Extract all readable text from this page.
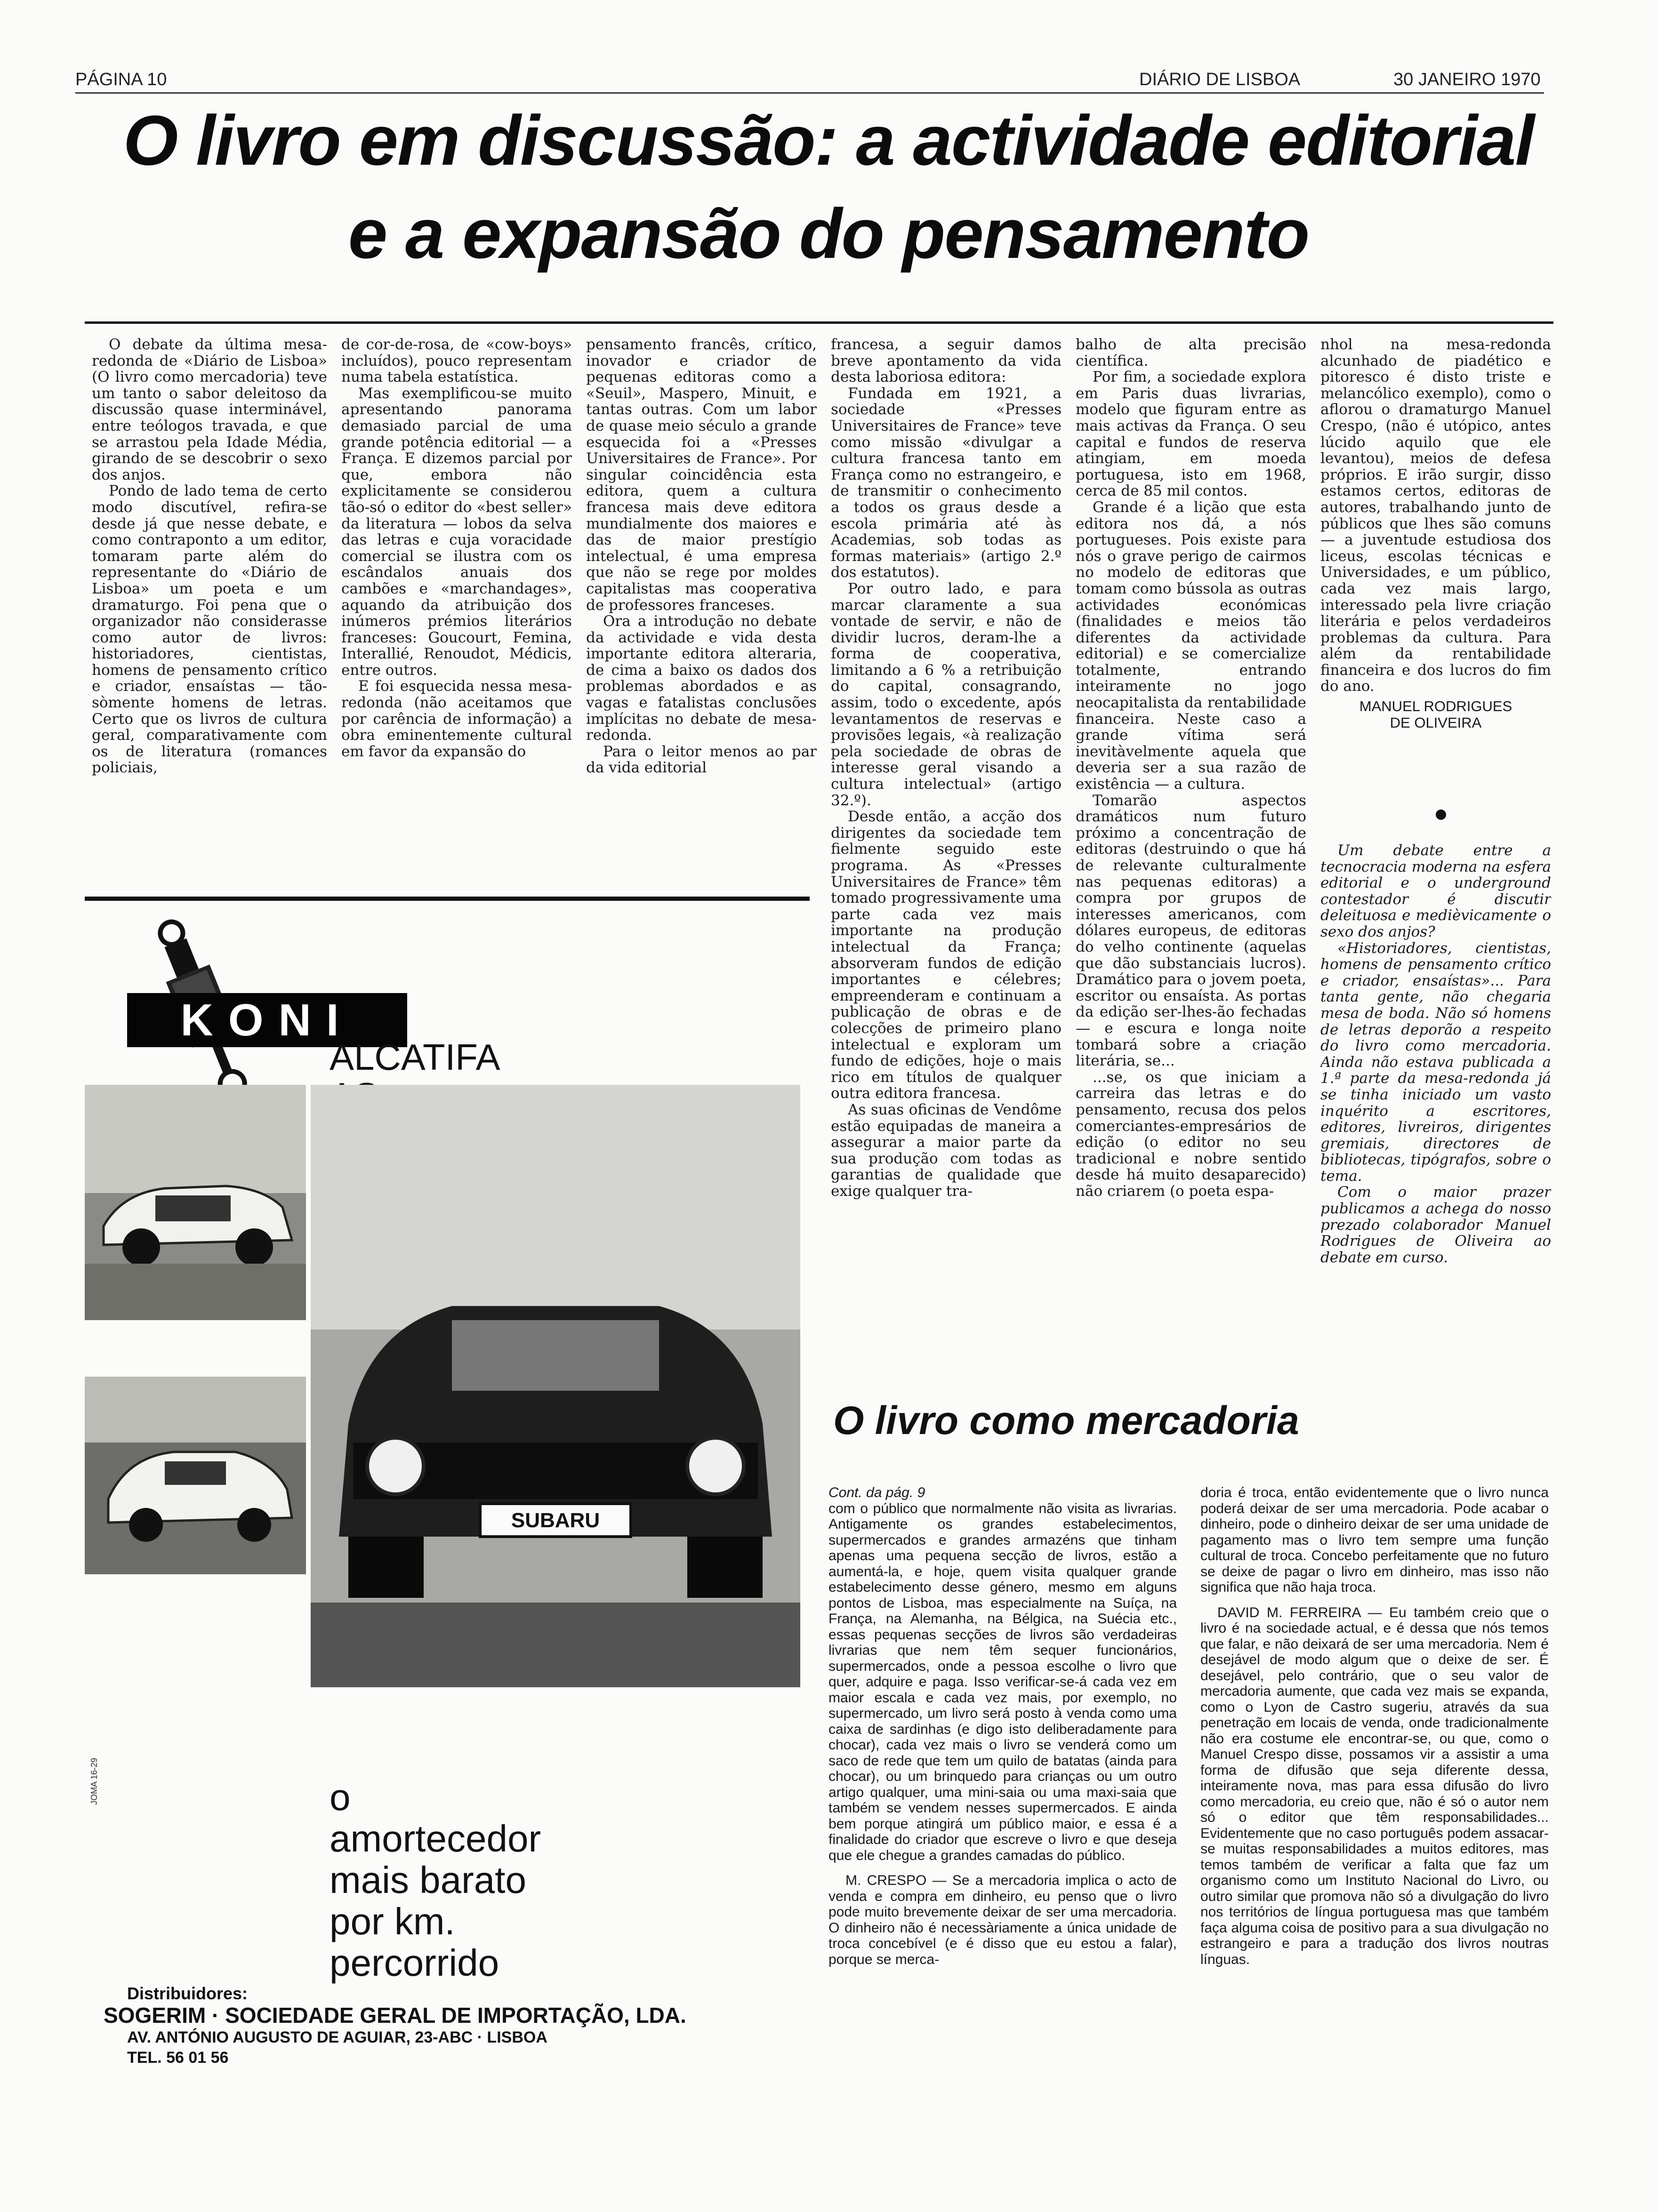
PÁGINA 10	DIÁRIO DE LISBOA	30 JANEIRO 1970
O livro em discussão: a actividade editorial
e a expansão do pensamento

O debate da última mesa-redonda de «Diário de Lisboa» (O livro como mercadoria) teve um tanto o sabor deleitoso da discussão quase interminável, entre teólogos travada, e que se arrastou pela Idade Média, girando de se descobrir o sexo dos anjos.

Pondo de lado tema de certo modo discutível, refira-se desde já que nesse debate, e como contraponto a um editor, tomaram parte além do representante do «Diário de Lisboa» um poeta e um dramaturgo. Foi pena que o organizador não considerasse como autor de livros: historiadores, cientistas, homens de pensamento crítico e criador, ensaístas — tão-sòmente homens de letras. Certo que os livros de cultura geral, comparativamente com os de literatura (romances policiais,

de cor-de-rosa, de «cow-boys» incluídos), pouco representam numa tabela estatística.

Mas exemplificou-se muito apresentando panorama demasiado parcial de uma grande potência editorial — a França. E dizemos parcial por que, embora não explicitamente se considerou tão-só o editor do «best seller» da literatura — lobos da selva das letras e cuja voracidade comercial se ilustra com os escândalos anuais dos cambões e «marchandages», aquando da atribuição dos inúmeros prémios literários franceses: Goucourt, Femina, Interallié, Renoudot, Médicis, entre outros.

E foi esquecida nessa mesa-redonda (não aceitamos que por carência de informação) a obra eminentemente cultural em favor da expansão do

pensamento francês, crítico, inovador e criador de pequenas editoras como a «Seuil», Maspero, Minuit, e tantas outras. Com um labor de quase meio século a grande esquecida foi a «Presses Universitaires de France». Por singular coincidência esta editora, quem a cultura francesa mais deve editora mundialmente dos maiores e das de maior prestígio intelectual, é uma empresa que não se rege por moldes capitalistas mas cooperativa de professores franceses.

Ora a introdução no debate da actividade e vida desta importante editora alteraria, de cima a baixo os dados dos problemas abordados e as vagas e fatalistas conclusões implícitas no debate de mesa-redonda.

Para o leitor menos ao par da vida editorial

francesa, a seguir damos breve apontamento da vida desta laboriosa editora:

Fundada em 1921, a sociedade «Presses Universitaires de France» teve como missão «divulgar a cultura francesa tanto em França como no estrangeiro, e de transmitir o conhecimento a todos os graus desde a escola primária até às Academias, sob todas as formas materiais» (artigo 2.º dos estatutos).

Por outro lado, e para marcar claramente a sua vontade de servir, e não de dividir lucros, deram-lhe a forma de cooperativa, limitando a 6 % a retribuição do capital, consagrando, assim, todo o excedente, após levantamentos de reservas e provisões legais, «à realização pela sociedade de obras de interesse geral visando a cultura intelectual» (artigo 32.º).

Desde então, a acção dos dirigentes da sociedade tem fielmente seguido este programa. As «Presses Universitaires de France» têm tomado progressivamente uma parte cada vez mais importante na produção intelectual da França; absorveram fundos de edição importantes e célebres; empreenderam e continuam a publicação de obras e de colecções de primeiro plano intelectual e exploram um fundo de edições, hoje o mais rico em títulos de qualquer outra editora francesa.

As suas oficinas de Vendôme estão equipadas de maneira a assegurar a maior parte da sua produção com todas as garantias de qualidade que exige qualquer tra-

balho de alta precisão científica.

Por fim, a sociedade explora em Paris duas livrarias, modelo que figuram entre as mais activas da França. O seu capital e fundos de reserva atingiam, em moeda portuguesa, isto em 1968, cerca de 85 mil contos.

Grande é a lição que esta editora nos dá, a nós portugueses. Pois existe para nós o grave perigo de cairmos no modelo de editoras que tomam como bússola as outras actividades económicas (finalidades e meios tão diferentes da actividade editorial) e se comercialize totalmente, entrando inteiramente no jogo neocapitalista da rentabilidade financeira. Neste caso a grande vítima será inevitàvelmente aquela que deveria ser a sua razão de existência — a cultura.

Tomarão aspectos dramáticos num futuro próximo a concentração de editoras (destruindo o que há de relevante culturalmente nas pequenas editoras) a compra por grupos de interesses americanos, com dólares europeus, de editoras do velho continente (aquelas que dão substanciais lucros). Dramático para o jovem poeta, escritor ou ensaísta. As portas da edição ser-lhes-ão fechadas — e escura e longa noite tombará sobre a criação literária, se...

...se, os que iniciam a carreira das letras e do pensamento, recusa dos pelos comerciantes-empresários de edição (o editor no seu tradicional e nobre sentido desde há muito desaparecido) não criarem (o poeta espa-

nhol na mesa-redonda alcunhado de piadético e pitoresco é disto triste e melancólico exemplo), como o aflorou o dramaturgo Manuel Crespo, (não é utópico, antes lúcido aquilo que ele levantou), meios de defesa próprios. E irão surgir, disso estamos certos, editoras de autores, trabalhando junto de públicos que lhes são comuns — a juventude estudiosa dos liceus, escolas técnicas e Universidades, e um público, cada vez mais largo, interessado pela livre criação literária e pelos verdadeiros problemas da cultura. Para além da rentabilidade financeira e dos lucros do fim do ano.

MANUEL RODRIGUES

DE OLIVEIRA

Um debate entre a tecnocracia moderna na esfera editorial e o underground contestador é discutir deleituosa e medièvicamente o sexo dos anjos?

«Historiadores, cientistas, homens de pensamento crítico e criador, ensaístas»... Para tanta gente, não chegaria mesa de boda. Não só homens de letras deporão a respeito do livro como mercadoria. Ainda não estava publicada a 1.ª parte da mesa-redonda já se tinha iniciado um vasto inquérito a escritores, editores, livreiros, dirigentes gremiais, directores de bibliotecas, tipógrafos, sobre o tema.

Com o maior prazer publicamos a achega do nosso prezado colaborador Manuel Rodrigues de Oliveira ao debate em curso.

KONI
ALCATIFA
SUBARU
o
amortecedor
mais barato
por km.
percorrido
JOMA 16-29
Distribuidores:
SOGERIM · SOCIEDADE GERAL DE IMPORTAÇÃO, LDA.
AV. ANTÓNIO AUGUSTO DE AGUIAR, 23-ABC · LISBOA
TEL. 56 01 56
O livro como mercadoria

Cont. da pág. 9

com o público que normalmente não visita as livrarias. Antigamente os grandes estabelecimentos, supermercados e grandes armazéns que tinham apenas uma pequena secção de livros, estão a aumentá-la, e hoje, quem visita qualquer grande estabelecimento desse género, mesmo em alguns pontos de Lisboa, mas especialmente na Suíça, na França, na Alemanha, na Bélgica, na Suécia etc., essas pequenas secções de livros são verdadeiras livrarias que nem têm sequer funcionários, supermercados, onde a pessoa escolhe o livro que quer, adquire e paga. Isso verificar-se-á cada vez em maior escala e cada vez mais, por exemplo, no supermercado, um livro será posto à venda como uma caixa de sardinhas (e digo isto deliberadamente para chocar), cada vez mais o livro se venderá como um saco de rede que tem um quilo de batatas (ainda para chocar), ou um brinquedo para crianças ou um outro artigo qualquer, uma mini-saia ou uma maxi-saia que também se vendem nesses supermercados. E ainda bem porque atingirá um público maior, e essa é a finalidade do criador que escreve o livro e que deseja que ele chegue a grandes camadas do público.

M. CRESPO — Se a mercadoria implica o acto de venda e compra em dinheiro, eu penso que o livro pode muito brevemente deixar de ser uma mercadoria. O dinheiro não é necessàriamente a única unidade de troca concebível (e é disso que eu estou a falar), porque se merca-

doria é troca, então evidentemente que o livro nunca poderá deixar de ser uma mercadoria. Pode acabar o dinheiro, pode o dinheiro deixar de ser uma unidade de pagamento mas o livro tem sempre uma função cultural de troca. Concebo perfeitamente que no futuro se deixe de pagar o livro em dinheiro, mas isso não significa que não haja troca.

DAVID M. FERREIRA — Eu também creio que o livro é na sociedade actual, e é dessa que nós temos que falar, e não deixará de ser uma mercadoria. Nem é desejável de modo algum que o deixe de ser. É desejável, pelo contrário, que o seu valor de mercadoria aumente, que cada vez mais se expanda, como o Lyon de Castro sugeriu, através da sua penetração em locais de venda, onde tradicionalmente não era costume ele encontrar-se, ou que, como o Manuel Crespo disse, possamos vir a assistir a uma forma de difusão que seja diferente dessa, inteiramente nova, mas para essa difusão do livro como mercadoria, eu creio que, não é só o autor nem só o editor que têm responsabilidades... Evidentemente que no caso português podem assacar-se muitas responsabilidades a muitos editores, mas temos também de verificar a falta que faz um organismo como um Instituto Nacional do Livro, ou outro similar que promova não só a divulgação do livro nos territórios de língua portuguesa mas que também faça alguma coisa de positivo para a sua divulgação no estrangeiro e para a tradução dos livros noutras línguas.
